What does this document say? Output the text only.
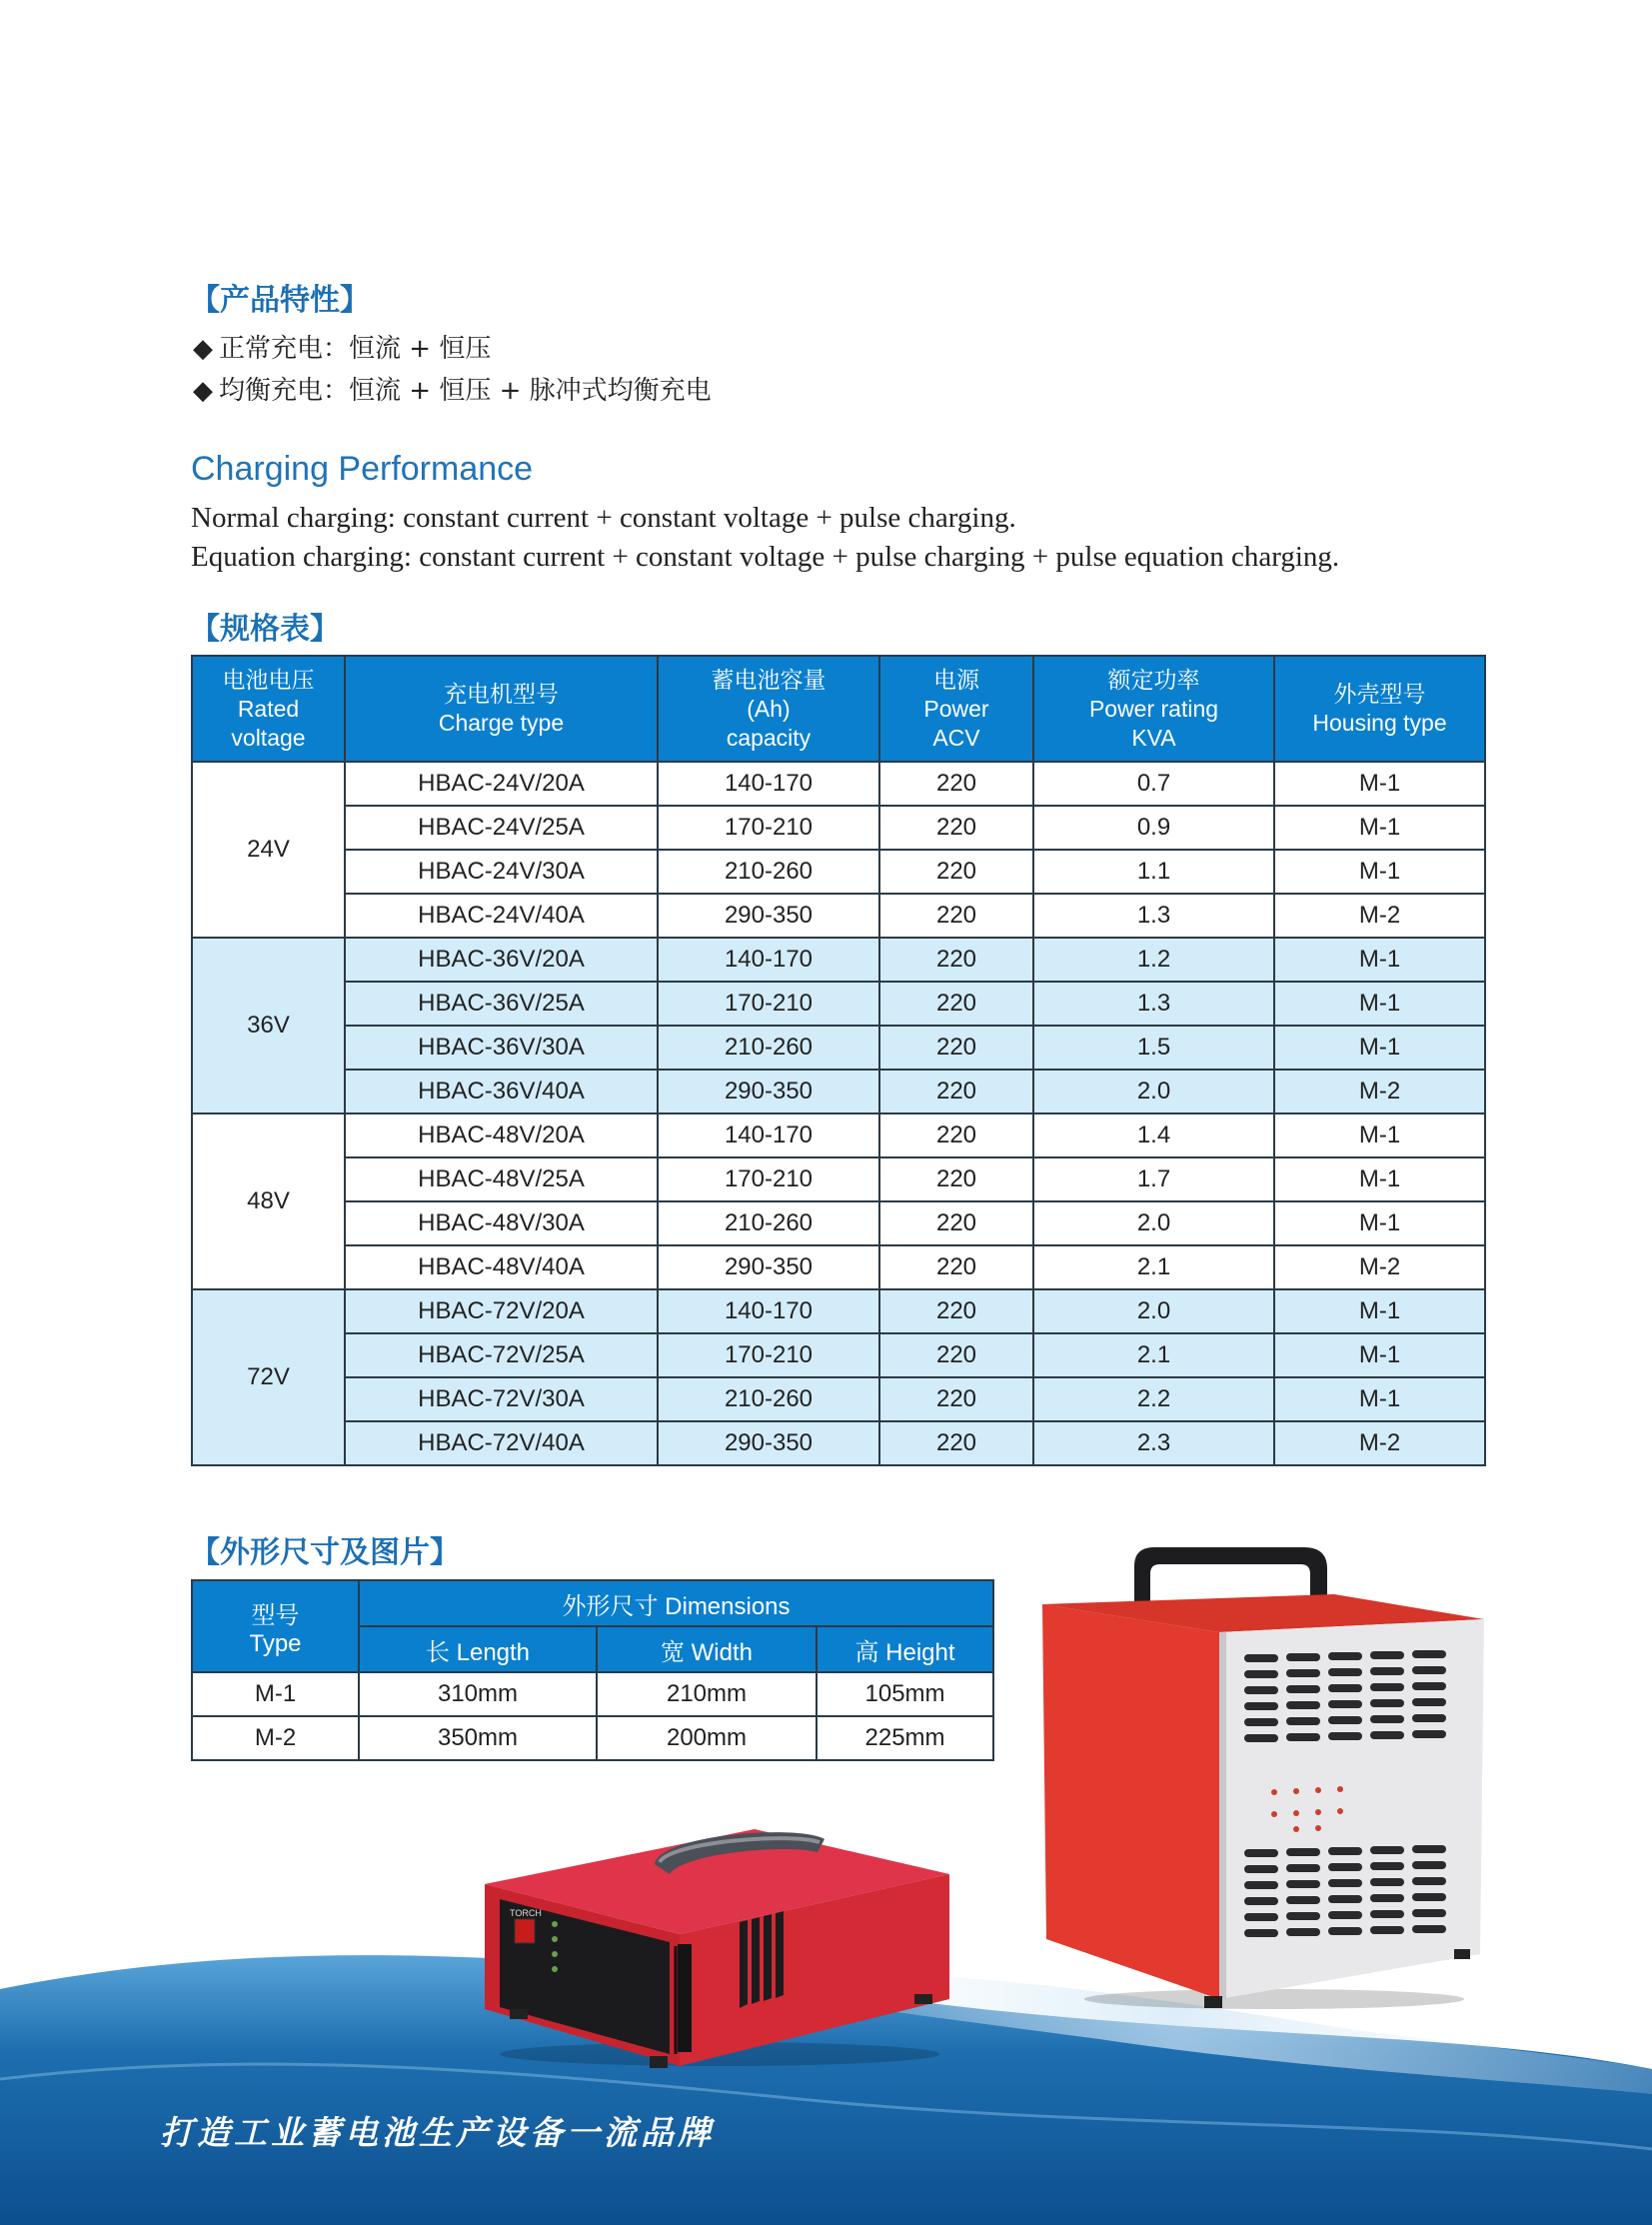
【产品特性】
◆ 正常充电：恒流 + 恒压
◆ 均衡充电：恒流 + 恒压 + 脉冲式均衡充电
Charging Performance
Normal charging: constant current + constant voltage + pulse charging.
Equation charging: constant current + constant voltage + pulse charging + pulse equation charging.
【规格表】
电池电压
Rated
voltage	充电机型号
Charge type	蓄电池容量
(Ah)
capacity	电源
Power
ACV	额定功率
Power rating
KVA	外壳型号
Housing type
24V	HBAC-24V/20A	140-170	220	0.7	M-1
	HBAC-24V/25A	170-210	220	0.9	M-1
	HBAC-24V/30A	210-260	220	1.1	M-1
	HBAC-24V/40A	290-350	220	1.3	M-2
36V	HBAC-36V/20A	140-170	220	1.2	M-1
	HBAC-36V/25A	170-210	220	1.3	M-1
	HBAC-36V/30A	210-260	220	1.5	M-1
	HBAC-36V/40A	290-350	220	2.0	M-2
48V	HBAC-48V/20A	140-170	220	1.4	M-1
	HBAC-48V/25A	170-210	220	1.7	M-1
	HBAC-48V/30A	210-260	220	2.0	M-1
	HBAC-48V/40A	290-350	220	2.1	M-2
72V	HBAC-72V/20A	140-170	220	2.0	M-1
	HBAC-72V/25A	170-210	220	2.1	M-1
	HBAC-72V/30A	210-260	220	2.2	M-1
	HBAC-72V/40A	290-350	220	2.3	M-2
【外形尺寸及图片】
型号
Type	外形尺寸 Dimensions		
	长 Length	宽 Width	高 Height
M-1	310mm	210mm	105mm
M-2	350mm	200mm	225mm
打造工业蓄电池生产设备一流品牌
TORCH
